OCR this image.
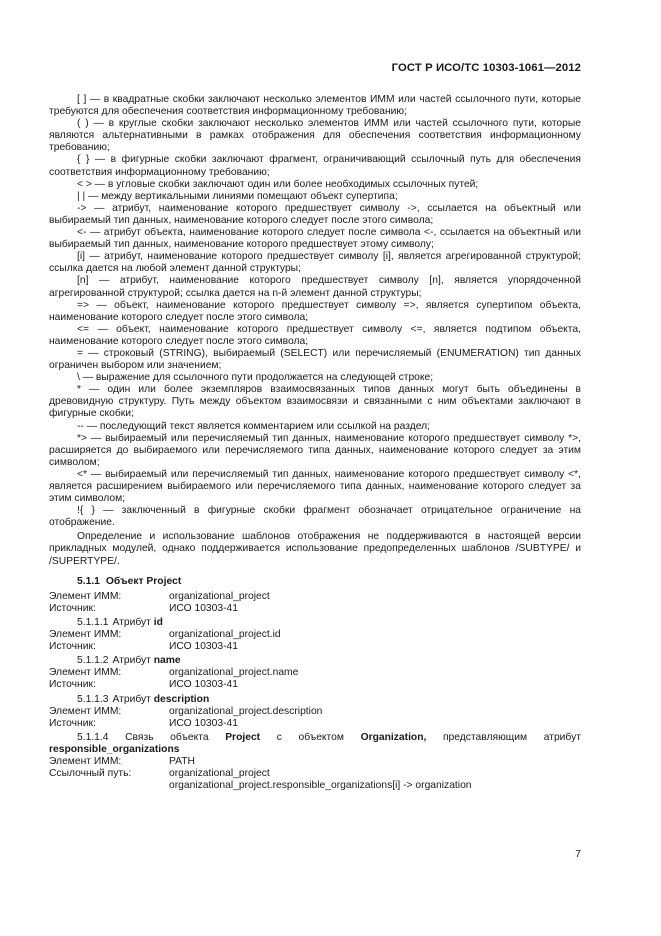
ГОСТ Р ИСО/ТС 10303-1061—2012

[ ] — в квадратные скобки заключают несколько элементов ИММ или частей ссылочного пути, которые требуются для обеспечения соответствия информационному требованию;

( ) — в круглые скобки заключают несколько элементов ИММ или частей ссылочного пути, которые являются альтернативными в рамках отображения для обеспечения соответствия информационному требованию;

{ } — в фигурные скобки заключают фрагмент, ограничивающий ссылочный путь для обеспечения соответствия информационному требованию;

< > — в угловые скобки заключают один или более необходимых ссылочных путей;

| | — между вертикальными линиями помещают объект супертипа;

-> — атрибут, наименование которого предшествует символу ->, ссылается на объектный или выбираемый тип данных, наименование которого следует после этого символа;

<- — атрибут объекта, наименование которого следует после символа <-, ссылается на объектный или выбираемый тип данных, наименование которого предшествует этому символу;

[i] — атрибут, наименование которого предшествует символу [i], является агрегированной структурой; ссылка дается на любой элемент данной структуры;

[n] — атрибут, наименование которого предшествует символу [n], является упорядоченной агрегированной структурой; ссылка дается на n-й элемент данной структуры;

=> — объект, наименование которого предшествует символу =>, является супертипом объекта, наименование которого следует после этого символа;

<= — объект, наименование которого предшествует символу <=, является подтипом объекта, наименование которого следует после этого символа;

= — строковый (STRING), выбираемый (SELECT) или перечисляемый (ENUMERATION) тип данных ограничен выбором или значением;

\ — выражение для ссылочного пути продолжается на следующей строке;

* — один или более экземпляров взаимосвязанных типов данных могут быть объединены в древовидную структуру. Путь между объектом взаимосвязи и связанными с ним объектами заключают в фигурные скобки;

-- — последующий текст является комментарием или ссылкой на раздел;

*> — выбираемый или перечисляемый тип данных, наименование которого предшествует символу *>, расширяется до выбираемого или перечисляемого типа данных, наименование которого следует за этим символом;

<* — выбираемый или перечисляемый тип данных, наименование которого предшествует символу <*, является расширением выбираемого или перечисляемого типа данных, наименование которого следует за этим символом;

!{ } — заключенный в фигурные скобки фрагмент обозначает отрицательное ограничение на отображение.

Определение и использование шаблонов отображения не поддерживаются в настоящей версии прикладных модулей, однако поддерживается использование предопределенных шаблонов /SUBTYPE/ и /SUPERTYPE/.

5.1.1 Объект Project
Элемент ИММ:	organizational_project
Источник:	ИСО 10303-41
5.1.1.1 Атрибут id
Элемент ИММ:	organizational_project.id
Источник:	ИСО 10303-41
5.1.1.2 Атрибут name
Элемент ИММ:	organizational_project.name
Источник:	ИСО 10303-41
5.1.1.3 Атрибут description
Элемент ИММ:	organizational_project.description
Источник:	ИСО 10303-41

5.1.1.4 Связь объекта Project с объектом Organization, представляющим атрибут

responsible_organizations

Элемент ИММ:	PATH
Ссылочный путь:	organizational_project
organizational_project.responsible_organizations[i] -> organization
7
